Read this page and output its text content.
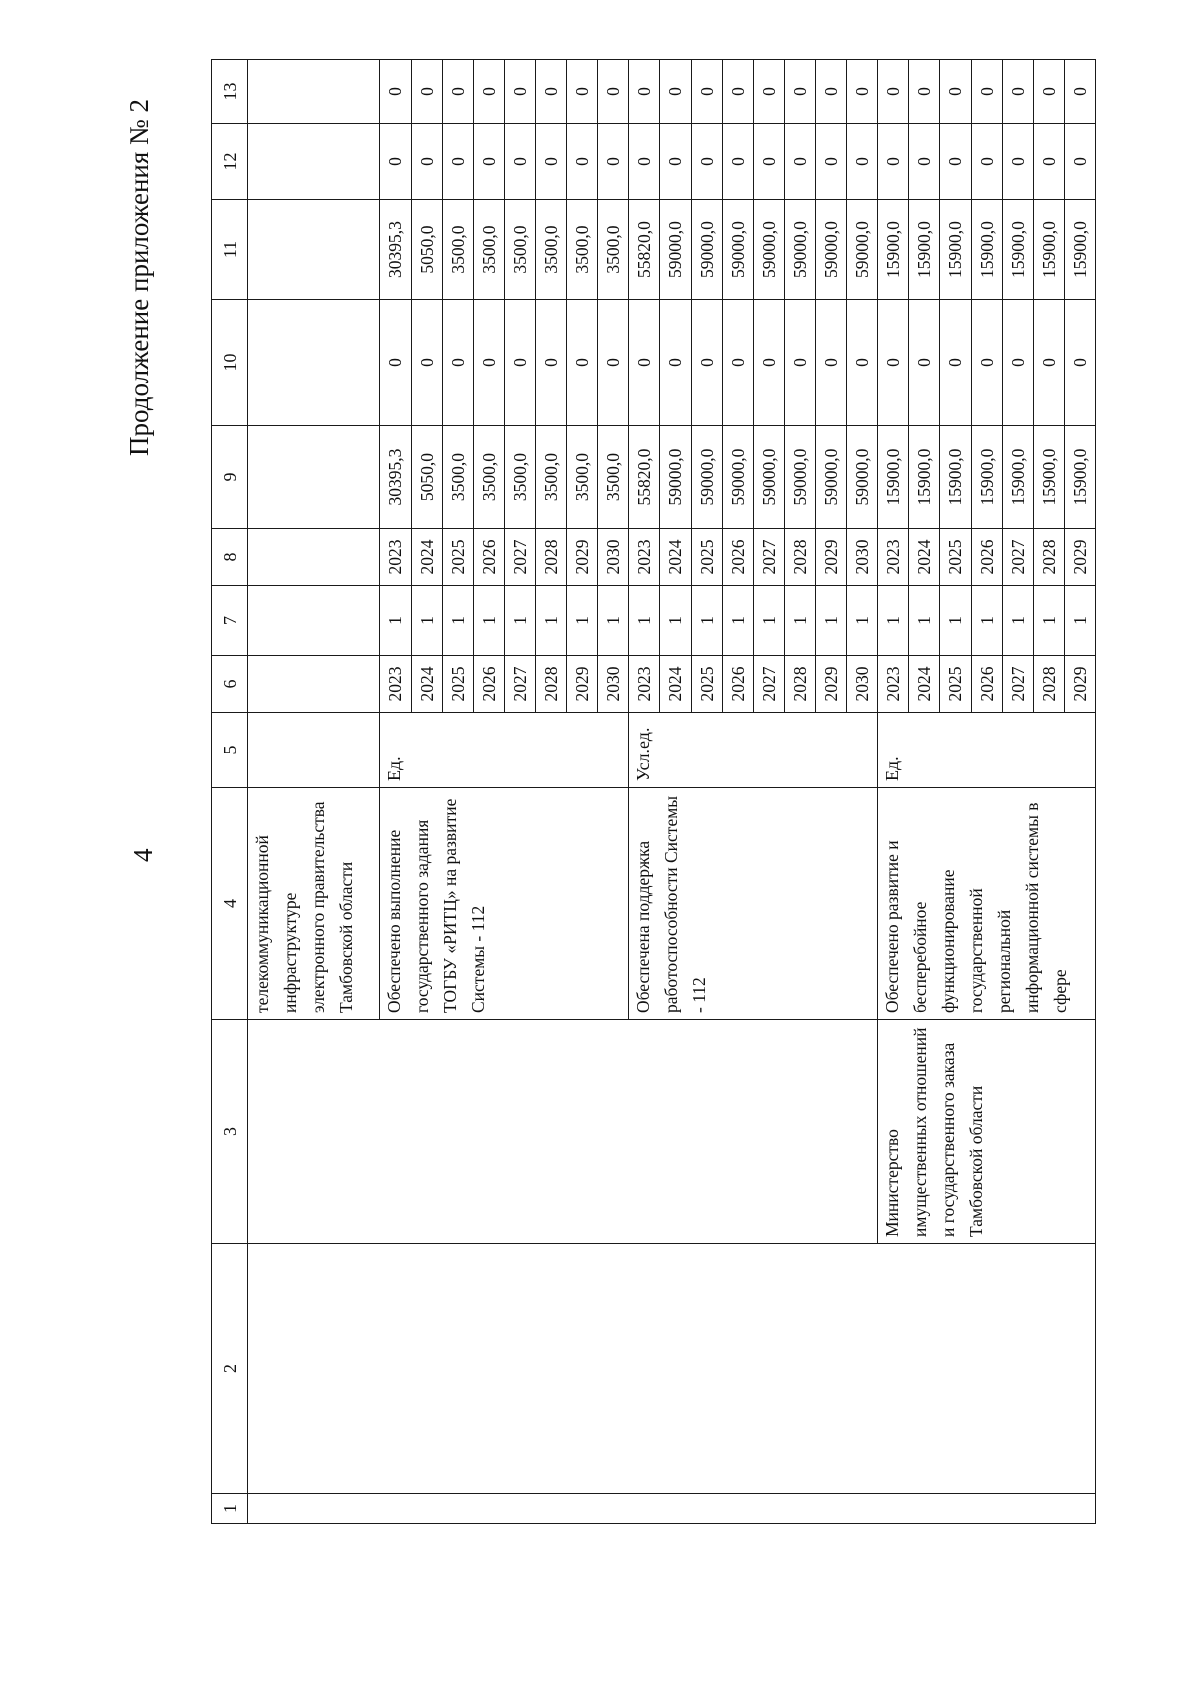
4
Продолжение приложения № 2
1	2	3	4	5	6	7	8	9	10	11	12	13
			телекоммуникационной инфраструктуре электронного правительства Тамбовской области									
			Обеспечено выполнение государственного задания ТОГБУ «РИТЦ» на развитие Системы - 112	Ед.	2023	1	2023	30395,3	0	30395,3	0	0
					2024	1	2024	5050,0	0	5050,0	0	0
					2025	1	2025	3500,0	0	3500,0	0	0
					2026	1	2026	3500,0	0	3500,0	0	0
					2027	1	2027	3500,0	0	3500,0	0	0
					2028	1	2028	3500,0	0	3500,0	0	0
					2029	1	2029	3500,0	0	3500,0	0	0
					2030	1	2030	3500,0	0	3500,0	0	0
			Обеспечена поддержка работоспособности Системы - 112	Усл.ед.	2023	1	2023	55820,0	0	55820,0	0	0
					2024	1	2024	59000,0	0	59000,0	0	0
					2025	1	2025	59000,0	0	59000,0	0	0
					2026	1	2026	59000,0	0	59000,0	0	0
					2027	1	2027	59000,0	0	59000,0	0	0
					2028	1	2028	59000,0	0	59000,0	0	0
					2029	1	2029	59000,0	0	59000,0	0	0
					2030	1	2030	59000,0	0	59000,0	0	0
		Министерство имущественных отношений и государственного заказа Тамбовской области	Обеспечено развитие и бесперебойное функционирование государственной региональной информационной системы в сфере	Ед.	2023	1	2023	15900,0	0	15900,0	0	0
					2024	1	2024	15900,0	0	15900,0	0	0
					2025	1	2025	15900,0	0	15900,0	0	0
					2026	1	2026	15900,0	0	15900,0	0	0
					2027	1	2027	15900,0	0	15900,0	0	0
					2028	1	2028	15900,0	0	15900,0	0	0
					2029	1	2029	15900,0	0	15900,0	0	0
